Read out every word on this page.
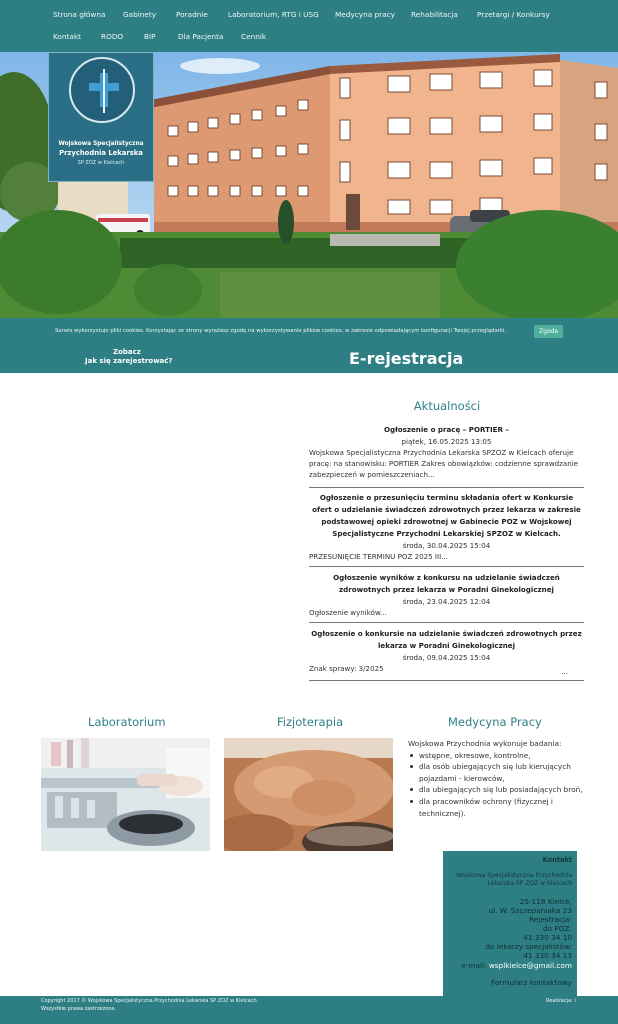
Strona główna Gabinety	Poradnie	Laboratorium, RTG i USG Medycyna pracy Rehabilitacja	Przetargi / Konkursy
Kontakt	RODO	BIP	Dla Pacjenta Cennik
Wojskowa Specjalistyczna
Przychodnia Lekarska
SP ZOZ w Kielcach
Serwis wykorzystuje pliki cookies. Korzystając ze strony wyrażasz zgodę na wykorzystywanie plików cookies, w zakresie odpowiadającym konfiguracji Twojej przeglądarki.	Zgoda
Zobacz
Jak się zarejestrować?	E-rejestracja
Aktualności
Ogłoszenie o pracę – PORTIER –
piątek, 16.05.2025 13:05
Wojskowa Specjalistyczna Przychodnia Lekarska SPZOZ w Kielcach oferuje pracę: na stanowisku: PORTIER Zakres obowiązków: codzienne sprawdzanie zabezpieczeń w pomieszczeniach...
Ogłoszenie o przesunięciu terminu składania ofert w Konkursie ofert o udzielanie świadczeń zdrowotnych przez lekarza w zakresie podstawowej opieki zdrowotnej w Gabinecie POZ w Wojskowej Specjalistyczne Przychodni Lekarskiej SPZOZ w Kielcach.
środa, 30.04.2025 15:04
PRZESUNIĘCIE TERMINU POZ 2025 III...
Ogłoszenie wyników z konkursu na udzielanie świadczeń zdrowotnych przez lekarza w Poradni Ginekologicznej
środa, 23.04.2025 12:04
Ogłoszenie wyników...
Ogłoszenie o konkursie na udzielanie świadczeń zdrowotnych przez lekarza w Poradni Ginekologicznej
środa, 09.04.2025 15:04
Znak sprawy: 3/2025	...
Laboratorium	Fizjoterapia	Medycyna Pracy
Wojskowa Przychodnia wykonuje badania:
wstępne, okresowe, kontrolne,
dla osób ubiegających się lub kierujących pojazdami - kierowców,
dla ubiegających się lub posiadających broń,
dla pracowników ochrony (fizycznej i technicznej).
Kontakt
Wojskowa Specjalistyczna Przychodnia
Lekarska SP ZOZ w Kielcach
25-118 Kielce,
ul. W. Szczepaniaka 23
Rejestracja:
do POZ:
41 330 34 10
do lekarzy specjalistów:
41 330 34 13
e-mail: wsplkielce@gmail.com
Formularz kontaktowy
Copyright 2017 © Wojskowa Specjalistyczna Przychodnia Lekarska SP ZOZ w Kielcach.
Wszystkie prawa zastrzeżone.
Realizacja: i
